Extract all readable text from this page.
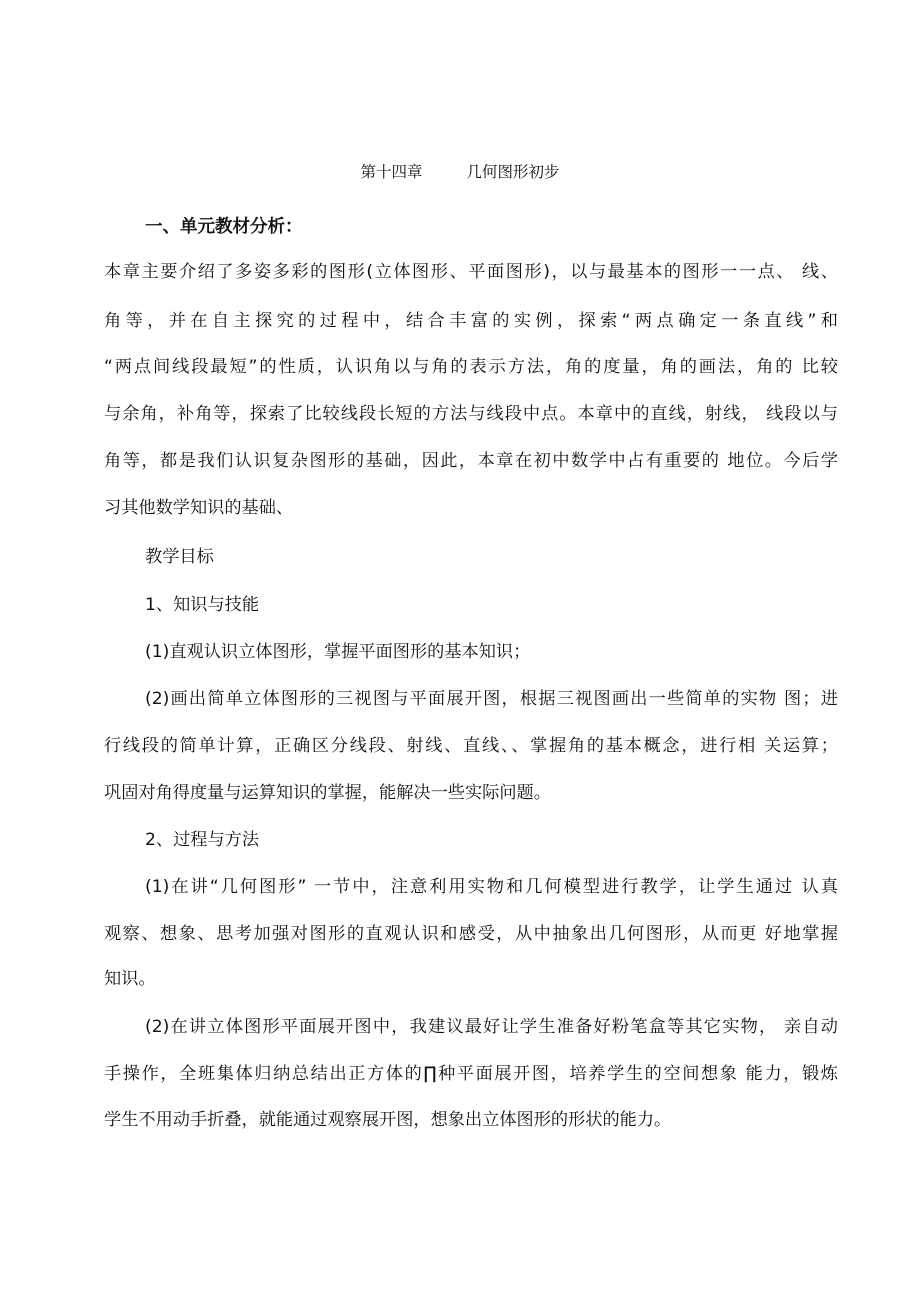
第十四章	几何图形初步
一、单元教材分析：
本章主要介绍了多姿多彩的图形(立体图形、平面图形)，以与最基本的图形一一点、 线、
角等，并在自主探究的过程中，结合丰富的实例，探索“两点确定一条直线”和
“两点间线段最短”的性质，认识角以与角的表示方法，角的度量，角的画法，角的 比较
与余角，补角等，探索了比较线段长短的方法与线段中点。本章中的直线，射线， 线段以与
角等，都是我们认识复杂图形的基础，因此，本章在初中数学中占有重要的 地位。今后学
习其他数学知识的基础、
教学目标
1、知识与技能
(1)直观认识立体图形，掌握平面图形的基本知识；
(2)画出简单立体图形的三视图与平面展开图，根据三视图画出一些简单的实物 图；进
行线段的简单计算，正确区分线段、射线、直线、、掌握角的基本概念，进行相 关运算；
巩固对角得度量与运算知识的掌握，能解决一些实际问题。
2、过程与方法
(1)在讲“几何图形” 一节中，注意利用实物和几何模型进行教学，让学生通过 认真
观察、想象、思考加强对图形的直观认识和感受，从中抽象出几何图形，从而更 好地掌握
知识。
(2)在讲立体图形平面展开图中，我建议最好让学生准备好粉笔盒等其它实物， 亲自动
手操作，全班集体归纳总结出正方体的∏种平面展开图，培养学生的空间想象 能力，锻炼
学生不用动手折叠，就能通过观察展开图，想象出立体图形的形状的能力。
